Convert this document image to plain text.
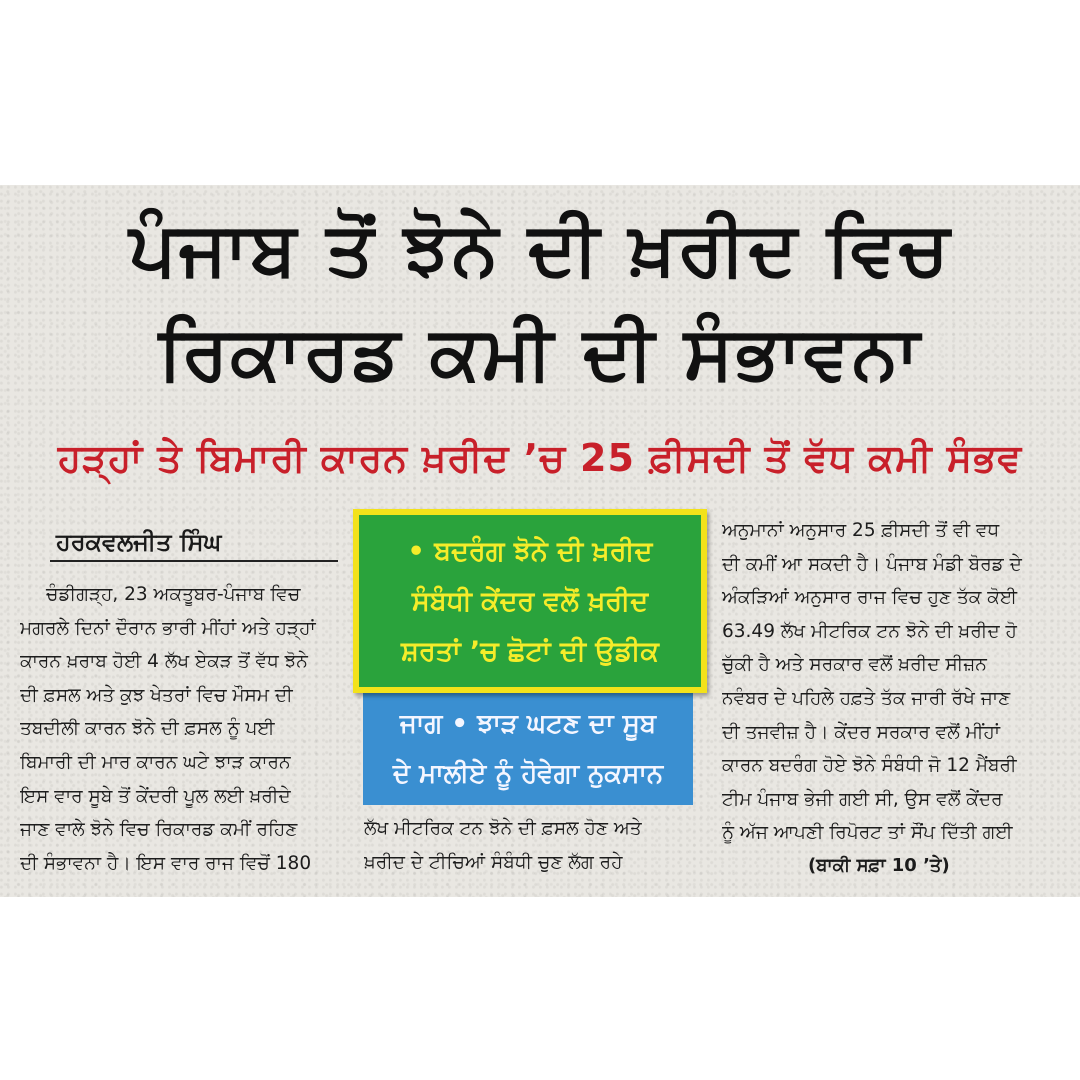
ਪੰਜਾਬ ਤੋਂ ਝੋਨੇ ਦੀ ਖ਼ਰੀਦ ਵਿਚ
ਰਿਕਾਰਡ ਕਮੀ ਦੀ ਸੰਭਾਵਨਾ
ਹੜ੍ਹਾਂ ਤੇ ਬਿਮਾਰੀ ਕਾਰਨ ਖ਼ਰੀਦ ’ਚ 25 ਫ਼ੀਸਦੀ ਤੋਂ ਵੱਧ ਕਮੀ ਸੰਭਵ
ਹਰਕਵਲਜੀਤ ਸਿੰਘ

ਚੰਡੀਗੜ੍ਹ, 23 ਅਕਤੂਬਰ-ਪੰਜਾਬ ਵਿਚ

ਮਗਰਲੇ ਦਿਨਾਂ ਦੌਰਾਨ ਭਾਰੀ ਮੀਂਹਾਂ ਅਤੇ ਹੜ੍ਹਾਂ

ਕਾਰਨ ਖ਼ਰਾਬ ਹੋਈ 4 ਲੱਖ ਏਕੜ ਤੋਂ ਵੱਧ ਝੋਨੇ

ਦੀ ਫ਼ਸਲ ਅਤੇ ਕੁਝ ਖੇਤਰਾਂ ਵਿਚ ਮੌਸਮ ਦੀ

ਤਬਦੀਲੀ ਕਾਰਨ ਝੋਨੇ ਦੀ ਫ਼ਸਲ ਨੂੰ ਪਈ

ਬਿਮਾਰੀ ਦੀ ਮਾਰ ਕਾਰਨ ਘਟੇ ਝਾੜ ਕਾਰਨ

ਇਸ ਵਾਰ ਸੂਬੇ ਤੋਂ ਕੇਂਦਰੀ ਪੂਲ ਲਈ ਖ਼ਰੀਦੇ

ਜਾਣ ਵਾਲੇ ਝੋਨੇ ਵਿਚ ਰਿਕਾਰਡ ਕਮੀਂ ਰਹਿਣ

ਦੀ ਸੰਭਾਵਨਾ ਹੈ। ਇਸ ਵਾਰ ਰਾਜ ਵਿਚੋਂ 180

ਜਾਗ • ਝਾੜ ਘਟਣ ਦਾ ਸੂਬ

ਦੇ ਮਾਲੀਏ ਨੂੰ ਹੋਵੇਗਾ ਨੁਕਸਾਨ

• ਬਦਰੰਗ ਝੋਨੇ ਦੀ ਖ਼ਰੀਦ

ਸੰਬੰਧੀ ਕੇਂਦਰ ਵਲੋਂ ਖ਼ਰੀਦ

ਸ਼ਰਤਾਂ ’ਚ ਛੋਟਾਂ ਦੀ ਉਡੀਕ

ਲੱਖ ਮੀਟਰਿਕ ਟਨ ਝੋਨੇ ਦੀ ਫ਼ਸਲ ਹੋਣ ਅਤੇ

ਖ਼ਰੀਦ ਦੇ ਟੀਚਿਆਂ ਸੰਬੰਧੀ ਚੁਣ ਲੱਗ ਰਹੇ

ਅਨੁਮਾਨਾਂ ਅਨੁਸਾਰ 25 ਫ਼ੀਸਦੀ ਤੋਂ ਵੀ ਵਧ

ਦੀ ਕਮੀਂ ਆ ਸਕਦੀ ਹੈ। ਪੰਜਾਬ ਮੰਡੀ ਬੋਰਡ ਦੇ

ਅੰਕੜਿਆਂ ਅਨੁਸਾਰ ਰਾਜ ਵਿਚ ਹੁਣ ਤੱਕ ਕੋਈ

63.49 ਲੱਖ ਮੀਟਰਿਕ ਟਨ ਝੋਨੇ ਦੀ ਖ਼ਰੀਦ ਹੋ

ਚੁੱਕੀ ਹੈ ਅਤੇ ਸਰਕਾਰ ਵਲੋਂ ਖ਼ਰੀਦ ਸੀਜ਼ਨ

ਨਵੰਬਰ ਦੇ ਪਹਿਲੇ ਹਫ਼ਤੇ ਤੱਕ ਜਾਰੀ ਰੱਖੇ ਜਾਣ

ਦੀ ਤਜਵੀਜ਼ ਹੈ। ਕੇਂਦਰ ਸਰਕਾਰ ਵਲੋਂ ਮੀਂਹਾਂ

ਕਾਰਨ ਬਦਰੰਗ ਹੋਏ ਝੋਨੇ ਸੰਬੰਧੀ ਜੋ 12 ਮੈਂਬਰੀ

ਟੀਮ ਪੰਜਾਬ ਭੇਜੀ ਗਈ ਸੀ, ਉਸ ਵਲੋਂ ਕੇਂਦਰ

ਨੂੰ ਅੱਜ ਆਪਣੀ ਰਿਪੋਰਟ ਤਾਂ ਸੌਂਪ ਦਿੱਤੀ ਗਈ

(ਬਾਕੀ ਸਫ਼ਾ 10 ’ਤੇ)
